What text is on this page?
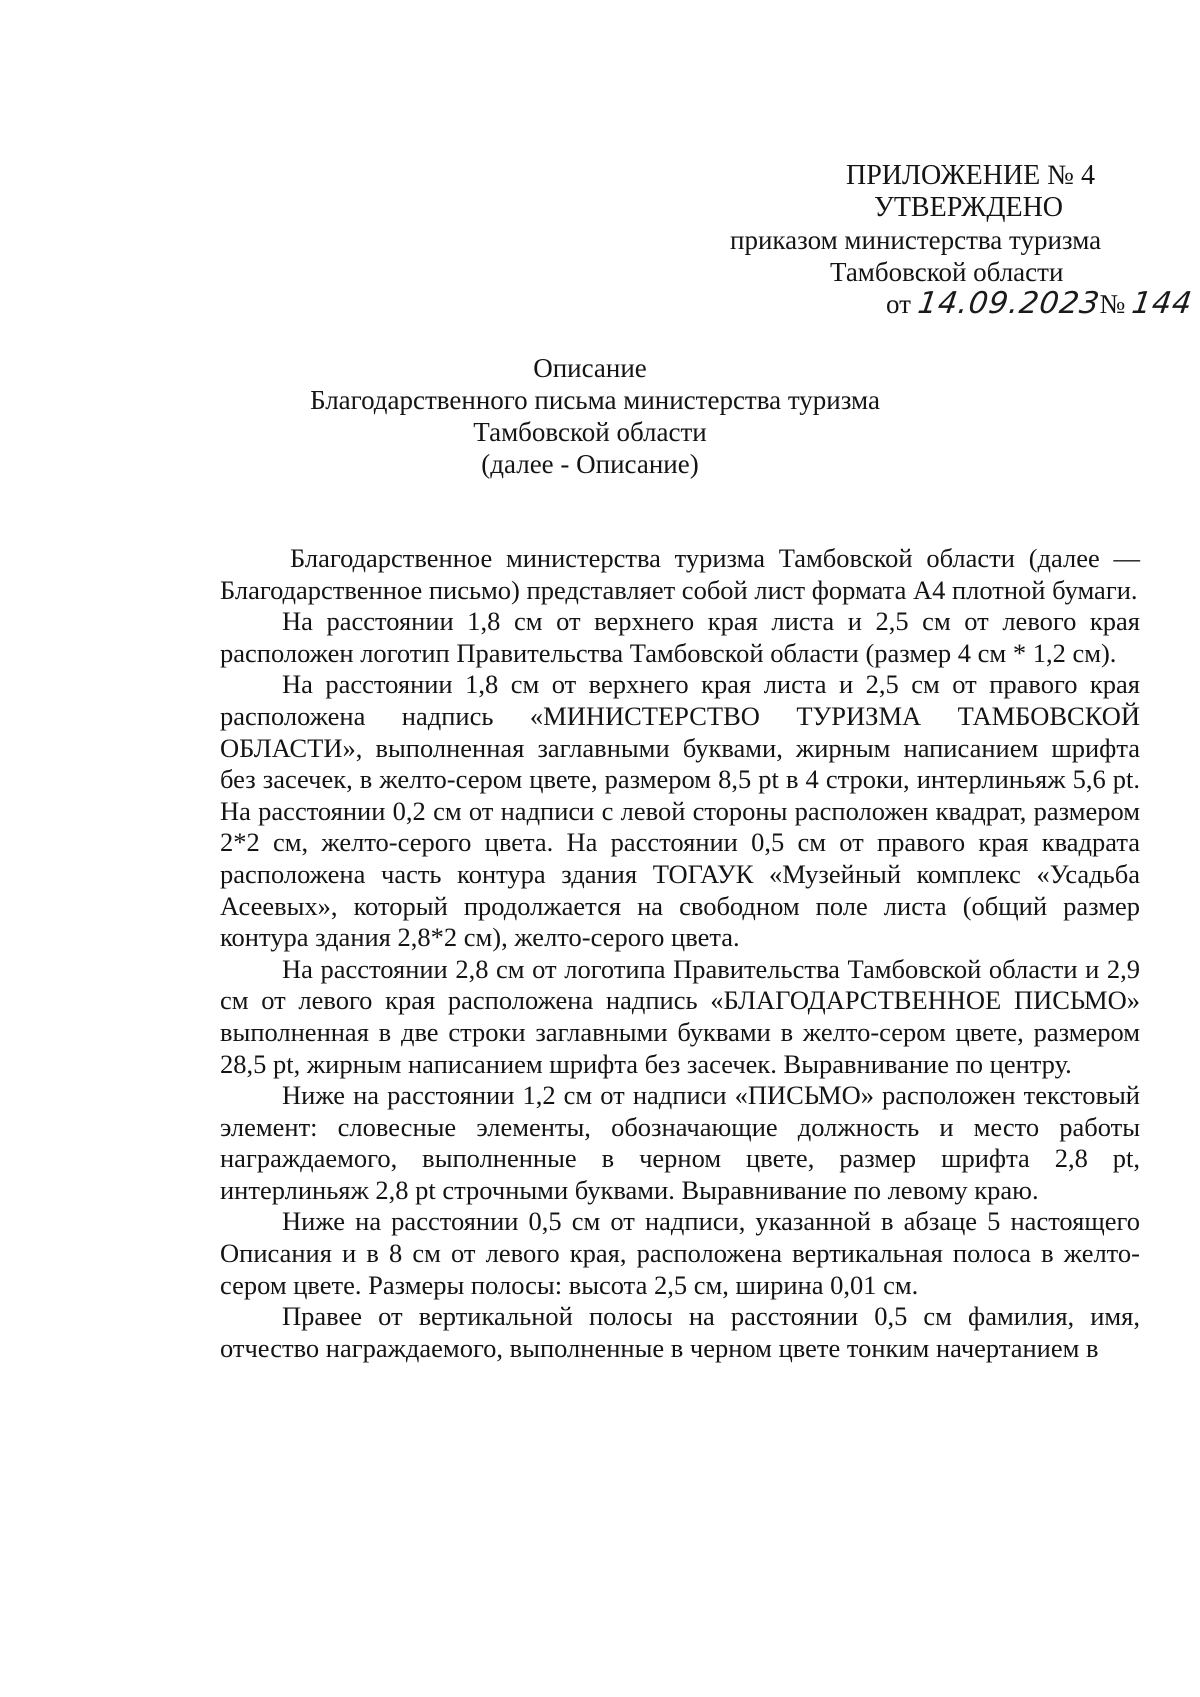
ПРИЛОЖЕНИЕ № 4
УТВЕРЖДЕНО
приказом министерства туризма
Тамбовской области
от 14.09.2023№ 144
Описание
Благодарственного письма министерства туризма
Тамбовской области
(далее - Описание)

Благодарственное министерства туризма Тамбовской области (далее — Благодарственное письмо) представляет собой лист формата А4 плотной бумаги.

На расстоянии 1,8 см от верхнего края листа и 2,5 см от левого края расположен логотип Правительства Тамбовской области (размер 4 см * 1,2 см).

На расстоянии 1,8 см от верхнего края листа и 2,5 см от правого края расположена надпись «МИНИСТЕРСТВО ТУРИЗМА ТАМБОВСКОЙ ОБЛАСТИ», выполненная заглавными буквами, жирным написанием шрифта без засечек, в желто-сером цвете, размером 8,5 pt в 4 строки, интерлиньяж 5,6 pt. На расстоянии 0,2 см от надписи с левой стороны расположен квадрат, размером 2*2 см, желто-серого цвета. На расстоянии 0,5 см от правого края квадрата расположена часть контура здания ТОГАУК «Музейный комплекс «Усадьба Асеевых», который продолжается на свободном поле листа (общий размер контура здания 2,8*2 см), желто-серого цвета.

На расстоянии 2,8 см от логотипа Правительства Тамбовской области и 2,9 см от левого края расположена надпись «БЛАГОДАРСТВЕННОЕ ПИСЬМО» выполненная в две строки заглавными буквами в желто-сером цвете, размером 28,5 pt, жирным написанием шрифта без засечек. Выравнивание по центру.

Ниже на расстоянии 1,2 см от надписи «ПИСЬМО» расположен текстовый элемент: словесные элементы, обозначающие должность и место работы награждаемого, выполненные в черном цвете, размер шрифта 2,8 pt, интерлиньяж 2,8 pt строчными буквами. Выравнивание по левому краю.

Ниже на расстоянии 0,5 см от надписи, указанной в абзаце 5 настоящего Описания и в 8 см от левого края, расположена вертикальная полоса в желто-сером цвете. Размеры полосы: высота 2,5 см, ширина 0,01 см.

Правее от вертикальной полосы на расстоянии 0,5 см фамилия, имя, отчество награждаемого, выполненные в черном цвете тонким начертанием в
